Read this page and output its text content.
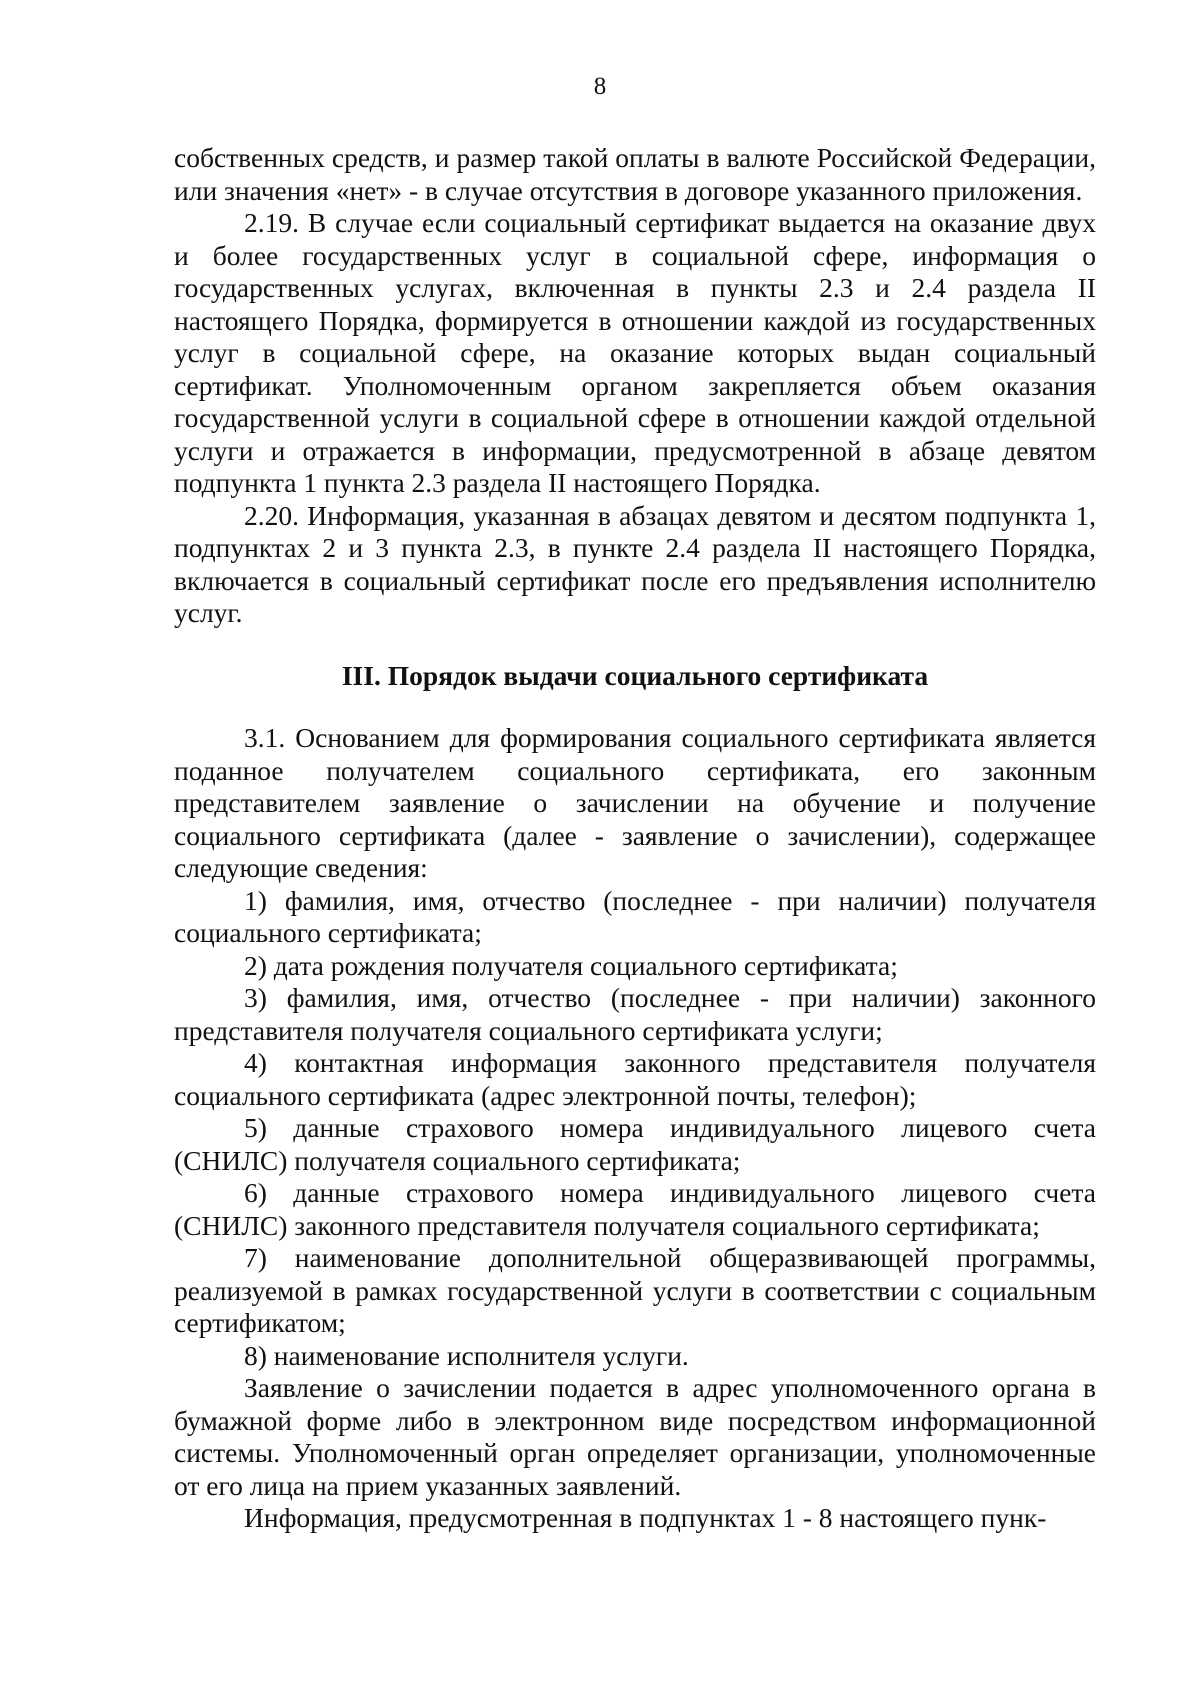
8

собственных средств, и размер такой оплаты в валюте Российской Федерации, или значения «нет» - в случае отсутствия в договоре указанного приложения.

2.19. В случае если социальный сертификат выдается на оказание двух и более государственных услуг в социальной сфере, информация о государственных услугах, включенная в пункты 2.3 и 2.4 раздела II настоящего Порядка, формируется в отношении каждой из государственных услуг в социальной сфере, на оказание которых выдан социальный сертификат. Уполномоченным органом закрепляется объем оказания государственной услуги в социальной сфере в отношении каждой отдельной услуги и отражается в информации, предусмотренной в абзаце девятом подпункта 1 пункта 2.3 раздела II настоящего Порядка.

2.20. Информация, указанная в абзацах девятом и десятом подпункта 1, подпунктах 2 и 3 пункта 2.3, в пункте 2.4 раздела II настоящего Порядка, включается в социальный сертификат после его предъявления исполнителю услуг.

III. Порядок выдачи социального сертификата

3.1. Основанием для формирования социального сертификата является поданное получателем социального сертификата, его законным представителем заявление о зачислении на обучение и получение социального сертификата (далее - заявление о зачислении), содержащее следующие сведения:

1) фамилия, имя, отчество (последнее - при наличии) получателя социального сертификата;

2) дата рождения получателя социального сертификата;

3) фамилия, имя, отчество (последнее - при наличии) законного представителя получателя социального сертификата услуги;

4) контактная информация законного представителя получателя социального сертификата (адрес электронной почты, телефон);

5) данные страхового номера индивидуального лицевого счета (СНИЛС) получателя социального сертификата;

6) данные страхового номера индивидуального лицевого счета (СНИЛС) законного представителя получателя социального сертификата;

7) наименование дополнительной общеразвивающей программы, реализуемой в рамках государственной услуги в соответствии с социальным сертификатом;

8) наименование исполнителя услуги.

Заявление о зачислении подается в адрес уполномоченного органа в бумажной форме либо в электронном виде посредством информационной системы. Уполномоченный орган определяет организации, уполномоченные от его лица на прием указанных заявлений.

Информация, предусмотренная в подпунктах 1 - 8 настоящего пунк-
